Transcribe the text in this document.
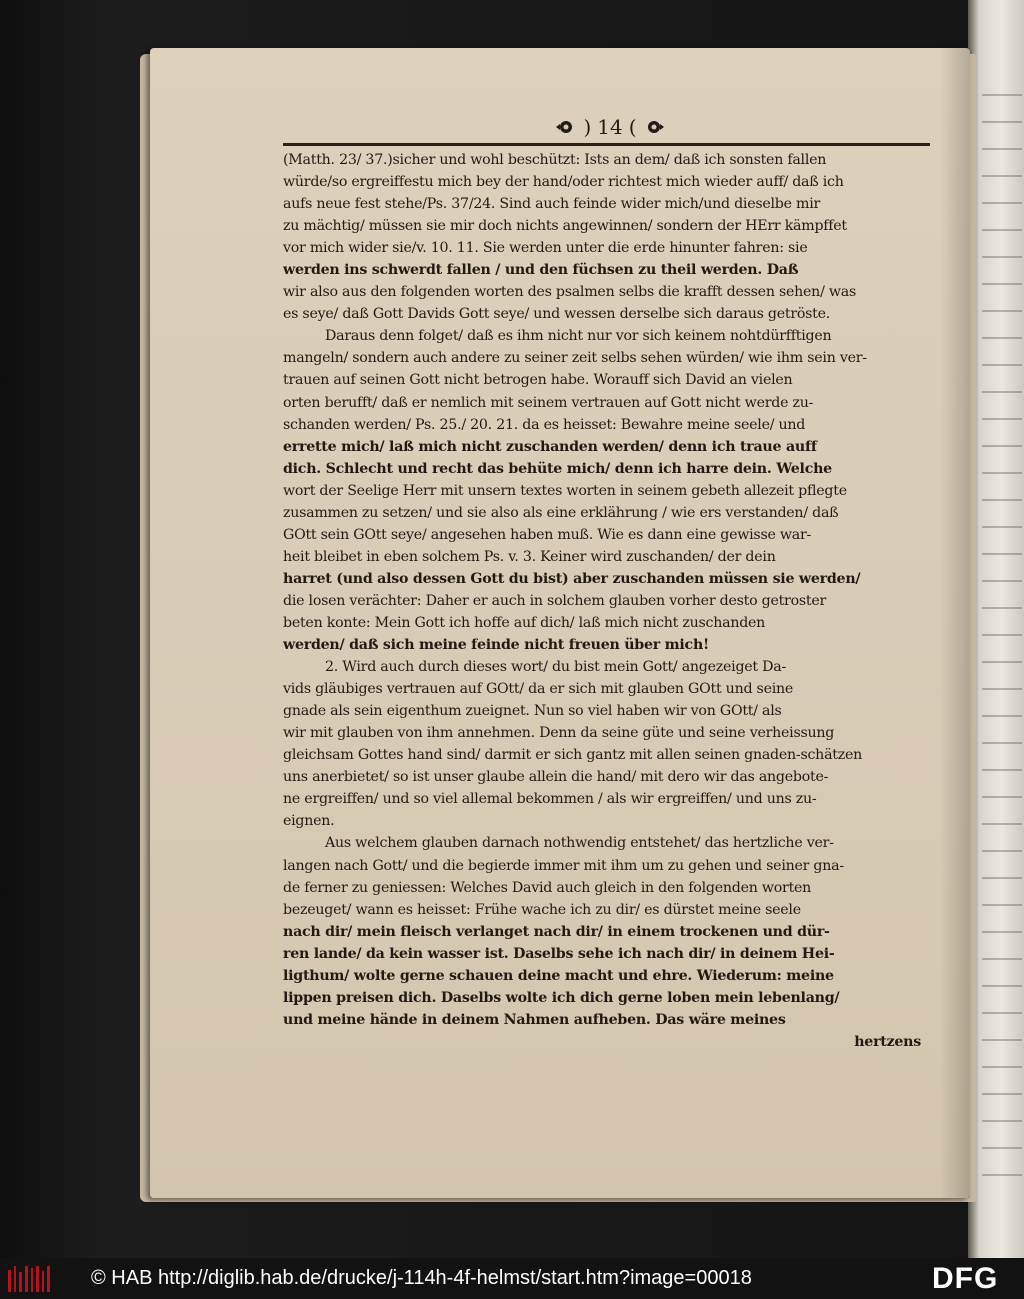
) 14 (
(Matth. 23/ 37.)sicher und wohl beschützt: Ists an dem/ daß ich sonsten fallen
würde/so ergreiffestu mich bey der hand/oder richtest mich wieder auff/ daß ich
aufs neue fest stehe/Ps. 37/24. Sind auch feinde wider mich/und dieselbe mir
zu mächtig/ müssen sie mir doch nichts angewinnen/ sondern der HErr kämpffet
vor mich wider sie/v. 10. 11. Sie werden unter die erde hinunter fahren: sie
werden ins schwerdt fallen / und den füchsen zu theil werden. Daß
wir also aus den folgenden worten des psalmen selbs die krafft dessen sehen/ was
es seye/ daß Gott Davids Gott seye/ und wessen derselbe sich daraus getröste.
Daraus denn folget/ daß es ihm nicht nur vor sich keinem nohtdürfftigen
mangeln/ sondern auch andere zu seiner zeit selbs sehen würden/ wie ihm sein ver-
trauen auf seinen Gott nicht betrogen habe. Worauff sich David an vielen
orten berufft/ daß er nemlich mit seinem vertrauen auf Gott nicht werde zu-
schanden werden/ Ps. 25./ 20. 21. da es heisset: Bewahre meine seele/ und
errette mich/ laß mich nicht zuschanden werden/ denn ich traue auff
dich. Schlecht und recht das behüte mich/ denn ich harre dein. Welche
wort der Seelige Herr mit unsern textes worten in seinem gebeth allezeit pflegte
zusammen zu setzen/ und sie also als eine erklährung / wie ers verstanden/ daß
GOtt sein GOtt seye/ angesehen haben muß. Wie es dann eine gewisse war-
heit bleibet in eben solchem Ps. v. 3. Keiner wird zuschanden/ der dein
harret (und also dessen Gott du bist) aber zuschanden müssen sie werden/
die losen verächter: Daher er auch in solchem glauben vorher desto getroster
beten konte: Mein Gott ich hoffe auf dich/ laß mich nicht zuschanden
werden/ daß sich meine feinde nicht freuen über mich!
2. Wird auch durch dieses wort/ du bist mein Gott/ angezeiget Da-
vids gläubiges vertrauen auf GOtt/ da er sich mit glauben GOtt und seine
gnade als sein eigenthum zueignet. Nun so viel haben wir von GOtt/ als
wir mit glauben von ihm annehmen. Denn da seine güte und seine verheissung
gleichsam Gottes hand sind/ darmit er sich gantz mit allen seinen gnaden-schätzen
uns anerbietet/ so ist unser glaube allein die hand/ mit dero wir das angebote-
ne ergreiffen/ und so viel allemal bekommen / als wir ergreiffen/ und uns zu-
eignen.
Aus welchem glauben darnach nothwendig entstehet/ das hertzliche ver-
langen nach Gott/ und die begierde immer mit ihm um zu gehen und seiner gna-
de ferner zu geniessen: Welches David auch gleich in den folgenden worten
bezeuget/ wann es heisset: Frühe wache ich zu dir/ es dürstet meine seele
nach dir/ mein fleisch verlanget nach dir/ in einem trockenen und dür-
ren lande/ da kein wasser ist. Daselbs sehe ich nach dir/ in deinem Hei-
ligthum/ wolte gerne schauen deine macht und ehre. Wiederum: meine
lippen preisen dich. Daselbs wolte ich dich gerne loben mein lebenlang/
und meine hände in deinem Nahmen aufheben. Das wäre meines
hertzens
© HAB http://diglib.hab.de/drucke/j-114h-4f-helmst/start.htm?image=00018	DFG
